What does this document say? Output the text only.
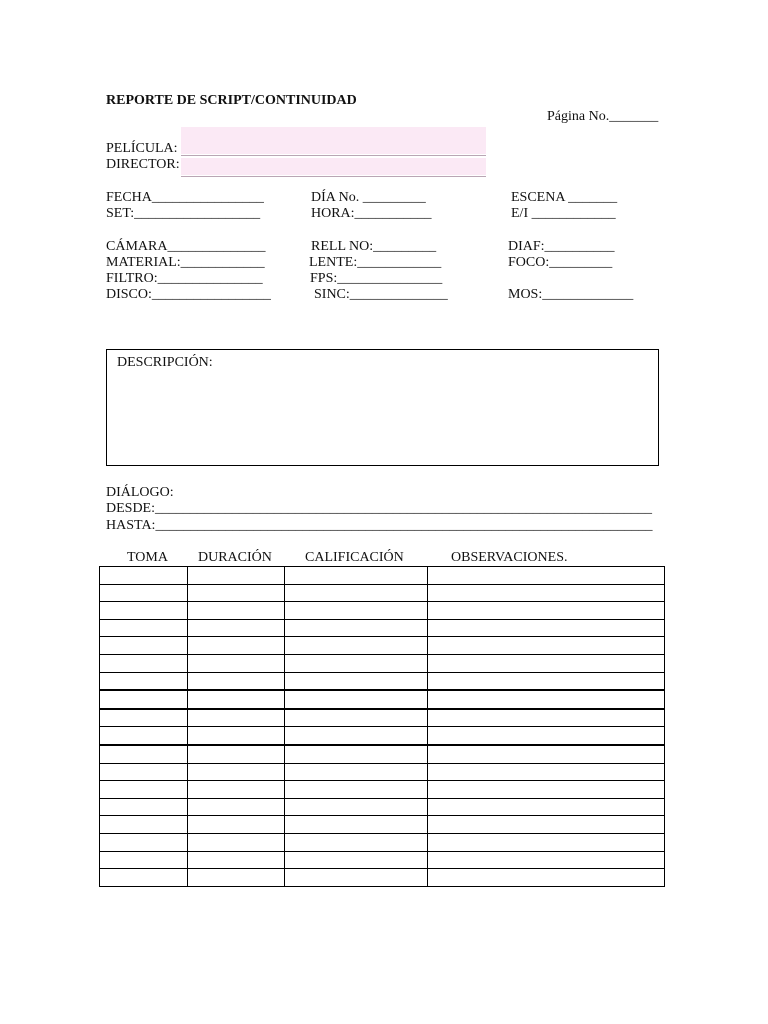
REPORTE DE SCRIPT/CONTINUIDAD
Página No._______
PELÍCULA:
DIRECTOR:
FECHA________________	DÍA No. _________	ESCENA _______
SET:__________________	HORA:___________	E/I ____________
CÁMARA______________	RELL NO:_________	DIAF:__________
MATERIAL:____________	LENTE:____________	FOCO:_________
FILTRO:_______________	FPS:_______________
DISCO:_________________	SINC:______________	MOS:_____________
DESCRIPCIÓN:
DIÁLOGO:
DESDE:_______________________________________________________________________
HASTA:_______________________________________________________________________
TOMA DURACIÓN CALIFICACIÓN	OBSERVACIONES.
